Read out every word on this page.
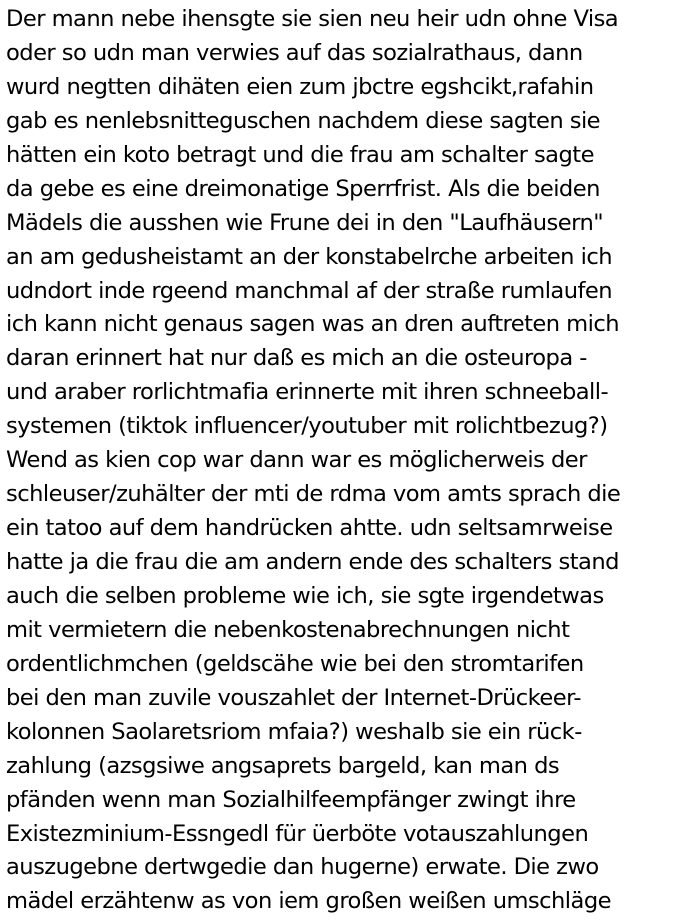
Der mann nebe ihensgte sie sien neu heir udn ohne Visa
oder so udn man verwies auf das sozialrathaus, dann
wurd negtten dihäten eien zum jbctre egshcikt,rafahin
gab es nenlebsnitteguschen nachdem diese sagten sie
hätten ein koto betragt und die frau am schalter sagte
da gebe es eine dreimonatige Sperrfrist. Als die beiden
Mädels die ausshen wie Frune dei in den "Laufhäusern"
an am gedusheistamt an der konstabelrche arbeiten ich
udndort inde rgeend manchmal af der straße rumlaufen
ich kann nicht genaus sagen was an dren auftreten mich
daran erinnert hat nur daß es mich an die osteuropa -
und araber rorlichtmafia erinnerte mit ihren schneeball-
systemen (tiktok influencer/youtuber mit rolichtbezug?)
Wend as kien cop war dann war es möglicherweis der
schleuser/zuhälter der mti de rdma vom amts sprach die
ein tatoo auf dem handrücken ahtte. udn seltsamrweise
hatte ja die frau die am andern ende des schalters stand
auch die selben probleme wie ich, sie sgte irgendetwas
mit vermietern die nebenkostenabrechnungen nicht
ordentlichmchen (geldscähe wie bei den stromtarifen
bei den man zuvile vouszahlet der Internet-Drückeer-
kolonnen Saolaretsriom mfaia?) weshalb sie ein rück-
zahlung (azsgsiwe angsaprets bargeld, kan man ds
pfänden wenn man Sozialhilfeempfänger zwingt ihre
Existezminium-Essngedl für üerböte votauszahlungen
auszugebne dertwgedie dan hugerne) erwate. Die zwo
mädel erzähtenw as von iem großen weißen umschläge
